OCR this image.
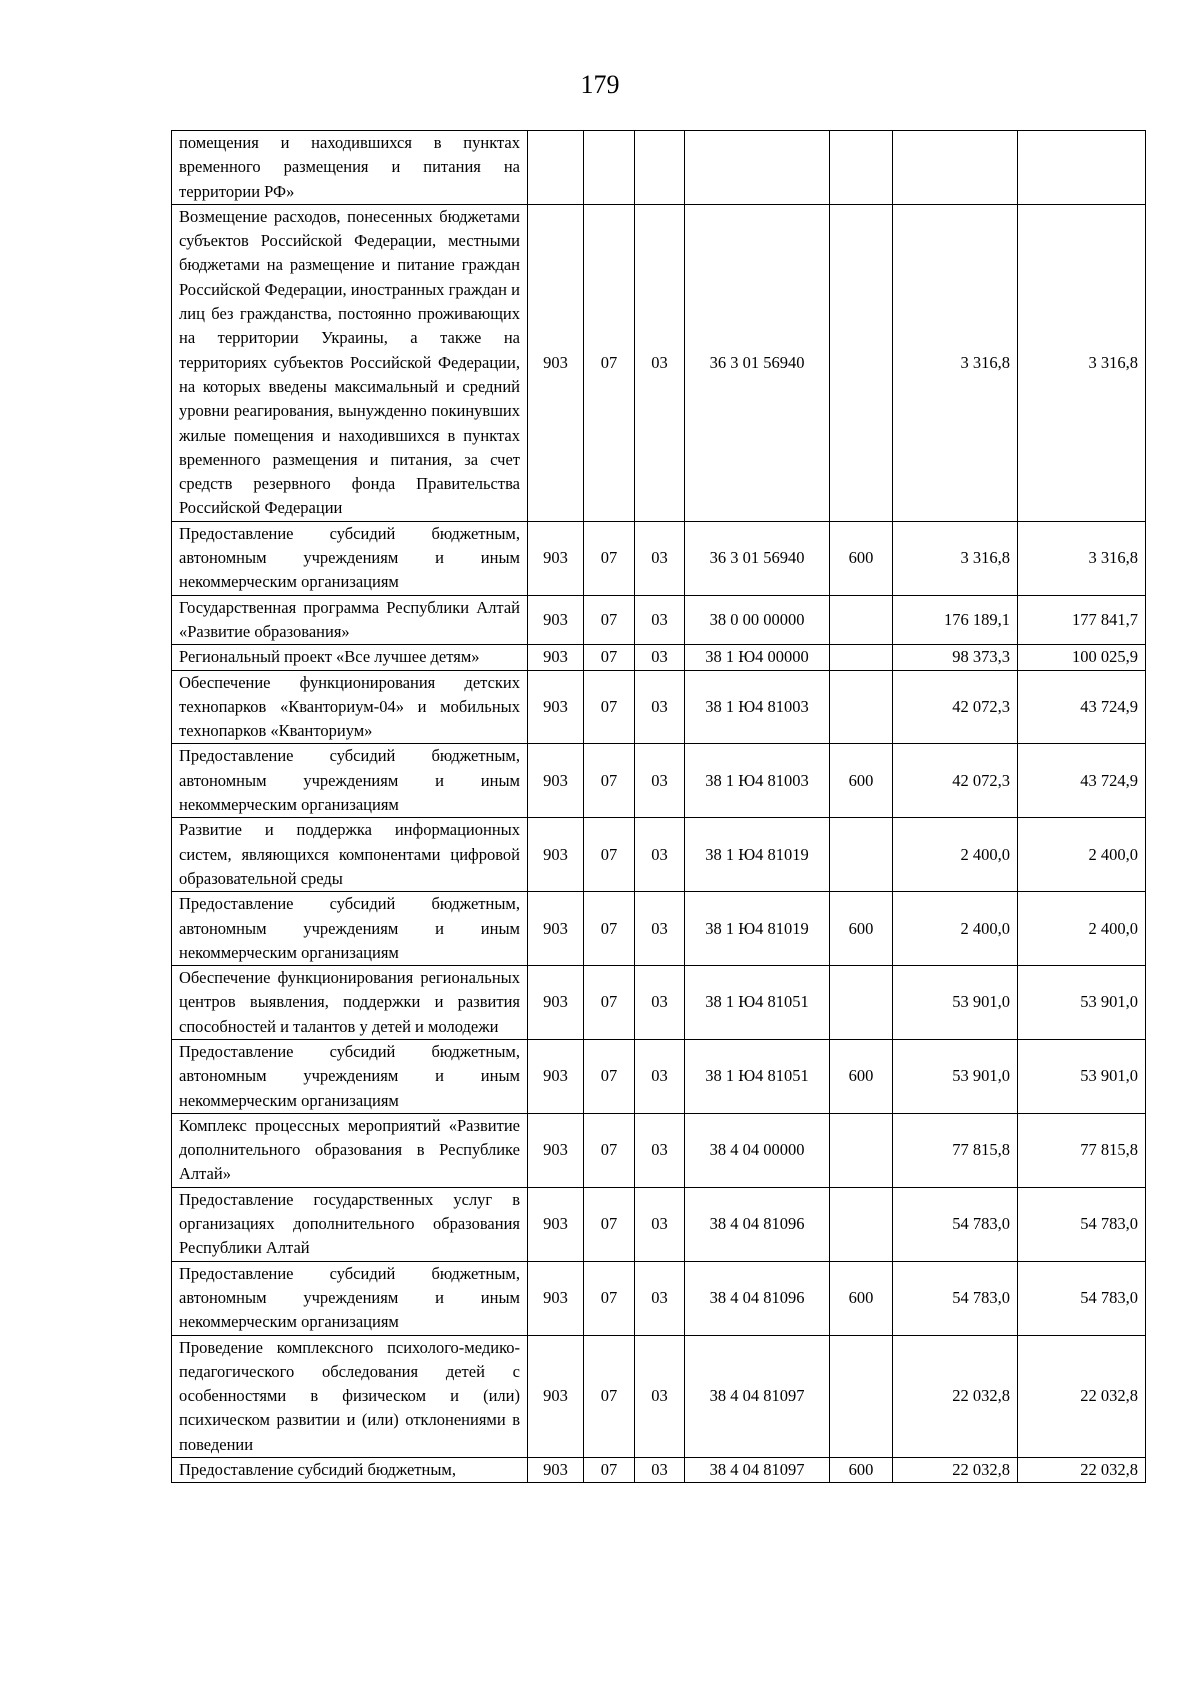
179
помещения и находившихся в пунктах временного размещения и питания на территории РФ»							
Возмещение расходов, понесенных бюджетами субъектов Российской Федерации, местными бюджетами на размещение и питание граждан Российской Федерации, иностранных граждан и лиц без гражданства, постоянно проживающих на территории Украины, а также на территориях субъектов Российской Федерации, на которых введены максимальный и средний уровни реагирования, вынужденно покинувших жилые помещения и находившихся в пунктах временного размещения и питания, за счет средств резервного фонда Правительства Российской Федерации	903	07	03	36 3 01 56940		3 316,8	3 316,8
Предоставление субсидий бюджетным, автономным учреждениям и иным некоммерческим организациям	903	07	03	36 3 01 56940	600	3 316,8	3 316,8
Государственная программа Республики Алтай «Развитие образования»	903	07	03	38 0 00 00000		176 189,1	177 841,7
Региональный проект «Все лучшее детям»	903	07	03	38 1 Ю4 00000		98 373,3	100 025,9
Обеспечение функционирования детских технопарков «Кванториум-04» и мобильных технопарков «Кванториум»	903	07	03	38 1 Ю4 81003		42 072,3	43 724,9
Предоставление субсидий бюджетным, автономным учреждениям и иным некоммерческим организациям	903	07	03	38 1 Ю4 81003	600	42 072,3	43 724,9
Развитие и поддержка информационных систем, являющихся компонентами цифровой образовательной среды	903	07	03	38 1 Ю4 81019		2 400,0	2 400,0
Предоставление субсидий бюджетным, автономным учреждениям и иным некоммерческим организациям	903	07	03	38 1 Ю4 81019	600	2 400,0	2 400,0
Обеспечение функционирования региональных центров выявления, поддержки и развития способностей и талантов у детей и молодежи	903	07	03	38 1 Ю4 81051		53 901,0	53 901,0
Предоставление субсидий бюджетным, автономным учреждениям и иным некоммерческим организациям	903	07	03	38 1 Ю4 81051	600	53 901,0	53 901,0
Комплекс процессных мероприятий «Развитие дополнительного образования в Республике Алтай»	903	07	03	38 4 04 00000		77 815,8	77 815,8
Предоставление государственных услуг в организациях дополнительного образования Республики Алтай	903	07	03	38 4 04 81096		54 783,0	54 783,0
Предоставление субсидий бюджетным, автономным учреждениям и иным некоммерческим организациям	903	07	03	38 4 04 81096	600	54 783,0	54 783,0
Проведение комплексного психолого-медико-педагогического обследования детей с особенностями в физическом и (или) психическом развитии и (или) отклонениями в поведении	903	07	03	38 4 04 81097		22 032,8	22 032,8
Предоставление субсидий бюджетным,	903	07	03	38 4 04 81097	600	22 032,8	22 032,8
